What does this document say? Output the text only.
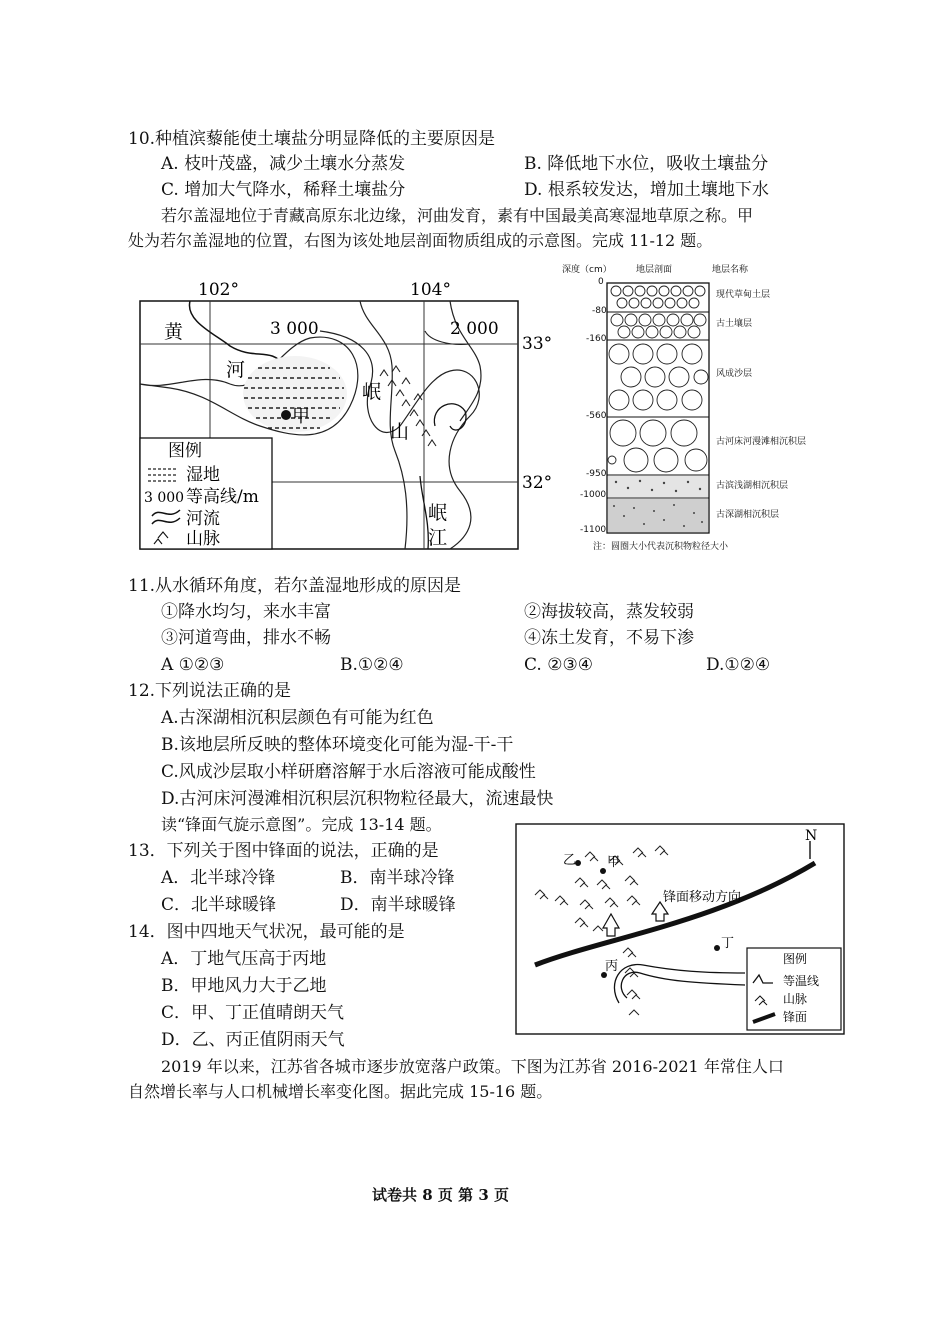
10.种植滨藜能使土壤盐分明显降低的主要原因是
A. 枝叶茂盛，减少土壤水分蒸发	B. 降低地下水位，吸收土壤盐分
C. 增加大气降水，稀释土壤盐分	D. 根系较发达，增加土壤地下水
若尔盖湿地位于青藏高原东北边缘，河曲发育，素有中国最美高寒湿地草原之称。甲
处为若尔盖湿地的位置，右图为该处地层剖面物质组成的示意图。完成 11-12 题。
102°	104°
33°
32°
3 000	2 000
黄
河
甲
岷
山
岷
江
图例
湿地
3 000 等高线/m
河流
山脉
深度（cm）	地层剖面	地层名称
0
-80
-160
-560
-950
-1000
-1100
现代草甸土层
古土壤层
风成沙层
古河床河漫滩相沉积层
古滨浅湖相沉积层
古深湖相沉积层
注：圆圈大小代表沉积物粒径大小
11.从水循环角度，若尔盖湿地形成的原因是
①降水均匀，来水丰富	②海拔较高，蒸发较弱
③河道弯曲，排水不畅	④冻土发育，不易下渗
A ①②③	B.①②④	C. ②③④	D.①②④
12.下列说法正确的是
A.古深湖相沉积层颜色有可能为红色
B.该地层所反映的整体环境变化可能为湿-干-干
C.风成沙层取小样研磨溶解于水后溶液可能成酸性
D.古河床河漫滩相沉积层沉积物粒径最大，流速最快
读“锋面气旋示意图”。完成 13-14 题。
13．下列关于图中锋面的说法，正确的是
A．北半球冷锋	B．南半球冷锋
C．北半球暖锋	D．南半球暖锋
14．图中四地天气状况，最可能的是
A．丁地气压高于丙地
B．甲地风力大于乙地
C．甲、丁正值晴朗天气
D．乙、丙正值阴雨天气
N
甲
乙
丙
丁
锋面移动方向
图例
等温线
山脉
锋面
2019 年以来，江苏省各城市逐步放宽落户政策。下图为江苏省 2016-2021 年常住人口
自然增长率与人口机械增长率变化图。据此完成 15-16 题。
试卷共 8 页 第 3 页
